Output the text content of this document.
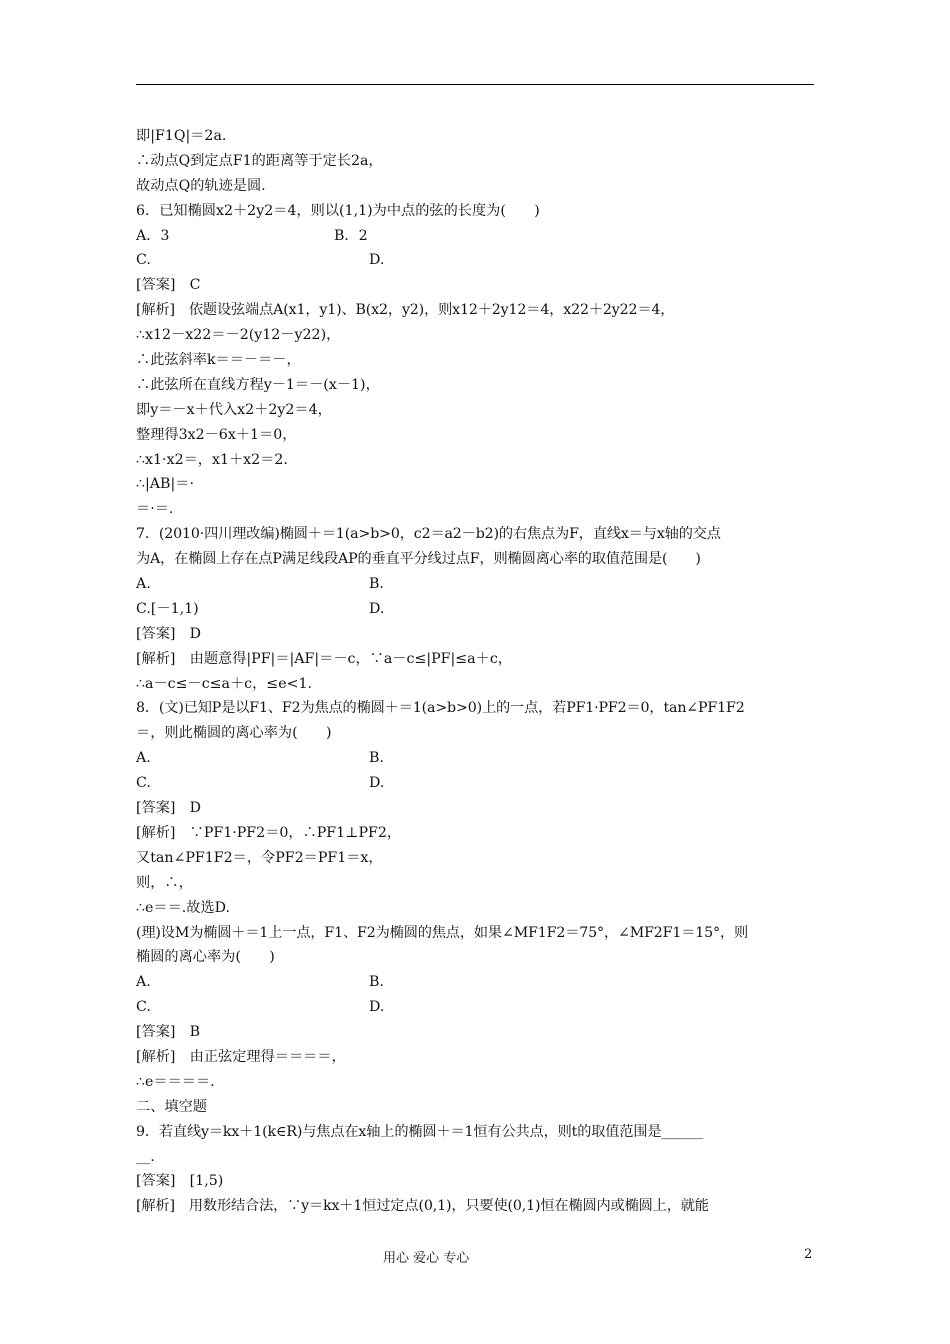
即|F1Q|＝2a.
∴动点Q到定点F1的距离等于定长2a，
故动点Q的轨迹是圆.
6．已知椭圆x2＋2y2＝4，则以(1,1)为中点的弦的长度为(　　)
A．3	B．2
C.	D.
[答案]　C
[解析]　依题设弦端点A(x1，y1)、B(x2，y2)，则x12＋2y12＝4，x22＋2y22＝4，
∴x12－x22＝－2(y12－y22)，
∴此弦斜率k＝＝－＝－，
∴此弦所在直线方程y－1＝－(x－1)，
即y＝－x＋代入x2＋2y2＝4，
整理得3x2－6x＋1＝0，
∴x1·x2＝，x1＋x2＝2.
∴|AB|＝·
＝·＝.
7．(2010·四川理改编)椭圆＋＝1(a>b>0，c2＝a2－b2)的右焦点为F，直线x＝与x轴的交点
为A，在椭圆上存在点P满足线段AP的垂直平分线过点F，则椭圆离心率的取值范围是(　　)
A.	B.
C.[－1,1)	D.
[答案]　D
[解析]　由题意得|PF|＝|AF|＝－c，∵a－c≤|PF|≤a＋c，
∴a－c≤－c≤a＋c，≤e<1.
8．(文)已知P是以F1、F2为焦点的椭圆＋＝1(a>b>0)上的一点，若PF1·PF2＝0，tan∠PF1F2
＝，则此椭圆的离心率为(　　)
A.	B.
C.	D.
[答案]　D
[解析]　∵PF1·PF2＝0，∴PF1⊥PF2，
又tan∠PF1F2＝，令PF2＝PF1＝x，
则，∴，
∴e＝＝.故选D.
(理)设M为椭圆＋＝1上一点，F1、F2为椭圆的焦点，如果∠MF1F2＝75°，∠MF2F1＝15°，则
椭圆的离心率为(　　)
A.	B.
C.	D.
[答案]　B
[解析]　由正弦定理得＝＝＝＝，
∴e＝＝＝＝.
二、填空题
9．若直线y＝kx＋1(k∈R)与焦点在x轴上的椭圆＋＝1恒有公共点，则t的取值范围是______
__.
[答案]　[1,5)
[解析]　用数形结合法，∵y＝kx＋1恒过定点(0,1)，只要使(0,1)恒在椭圆内或椭圆上，就能
用心 爱心 专心	2
